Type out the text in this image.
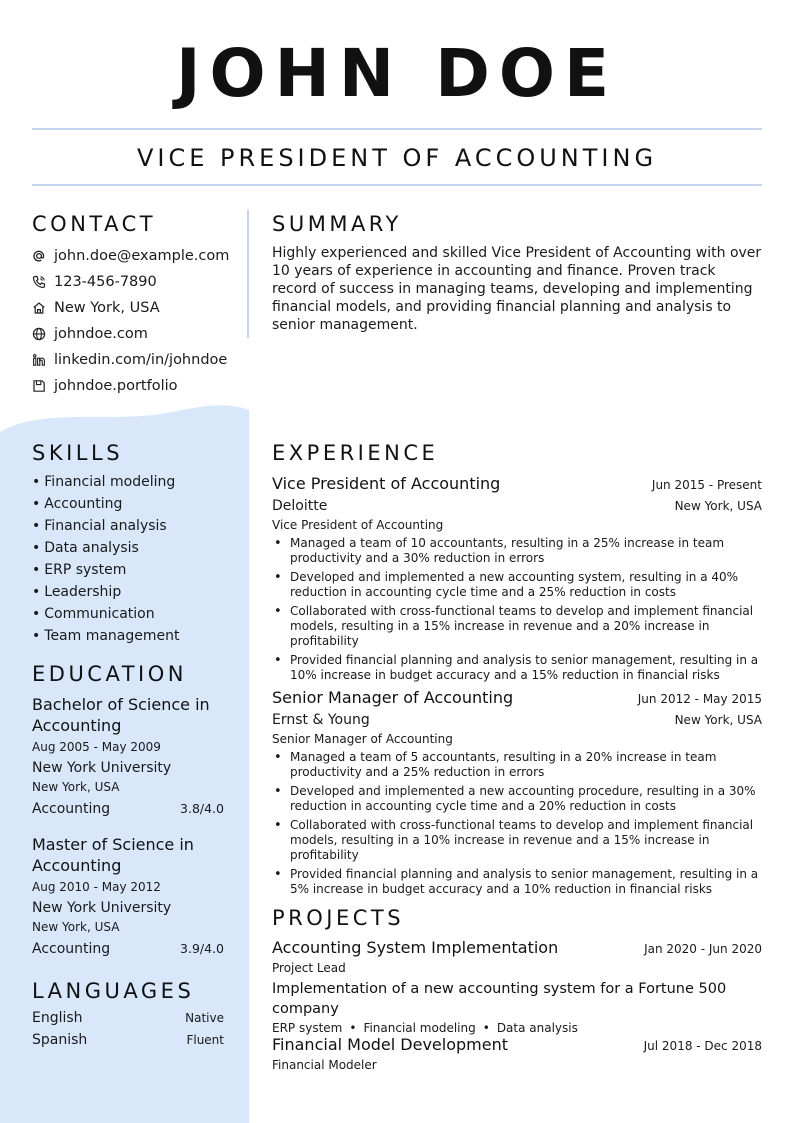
JOHN DOE
VICE PRESIDENT OF ACCOUNTING
CONTACT
john.doe@example.com
123-456-7890
New York, USA
johndoe.com
linkedin.com/in/johndoe
johndoe.portfolio
SUMMARY
Highly experienced and skilled Vice President of Accounting with over 10 years of experience in accounting and finance. Proven track record of success in managing teams, developing and implementing financial models, and providing financial planning and analysis to senior management.
SKILLS
• Financial modeling
• Accounting
• Financial analysis
• Data analysis
• ERP system
• Leadership
• Communication
• Team management
EDUCATION
Bachelor of Science in Accounting
Aug 2005 - May 2009
New York University
New York, USA
Accounting	3.8/4.0
Master of Science in Accounting
Aug 2010 - May 2012
New York University
New York, USA
Accounting	3.9/4.0
LANGUAGES
English	Native
Spanish	Fluent
EXPERIENCE
Vice President of Accounting	Jun 2015 - Present
Deloitte	New York, USA
Vice President of Accounting
• Managed a team of 10 accountants, resulting in a 25% increase in team productivity and a 30% reduction in errors
• Developed and implemented a new accounting system, resulting in a 40% reduction in accounting cycle time and a 25% reduction in costs
• Collaborated with cross-functional teams to develop and implement financial models, resulting in a 15% increase in revenue and a 20% increase in profitability
• Provided financial planning and analysis to senior management, resulting in a 10% increase in budget accuracy and a 15% reduction in financial risks
Senior Manager of Accounting	Jun 2012 - May 2015
Ernst & Young	New York, USA
Senior Manager of Accounting
• Managed a team of 5 accountants, resulting in a 20% increase in team productivity and a 25% reduction in errors
• Developed and implemented a new accounting procedure, resulting in a 30% reduction in accounting cycle time and a 20% reduction in costs
• Collaborated with cross-functional teams to develop and implement financial models, resulting in a 10% increase in revenue and a 15% increase in profitability
• Provided financial planning and analysis to senior management, resulting in a 5% increase in budget accuracy and a 10% reduction in financial risks
PROJECTS
Accounting System Implementation	Jan 2020 - Jun 2020
Project Lead
Implementation of a new accounting system for a Fortune 500 company
ERP system • Financial modeling • Data analysis
Financial Model Development	Jul 2018 - Dec 2018
Financial Modeler
